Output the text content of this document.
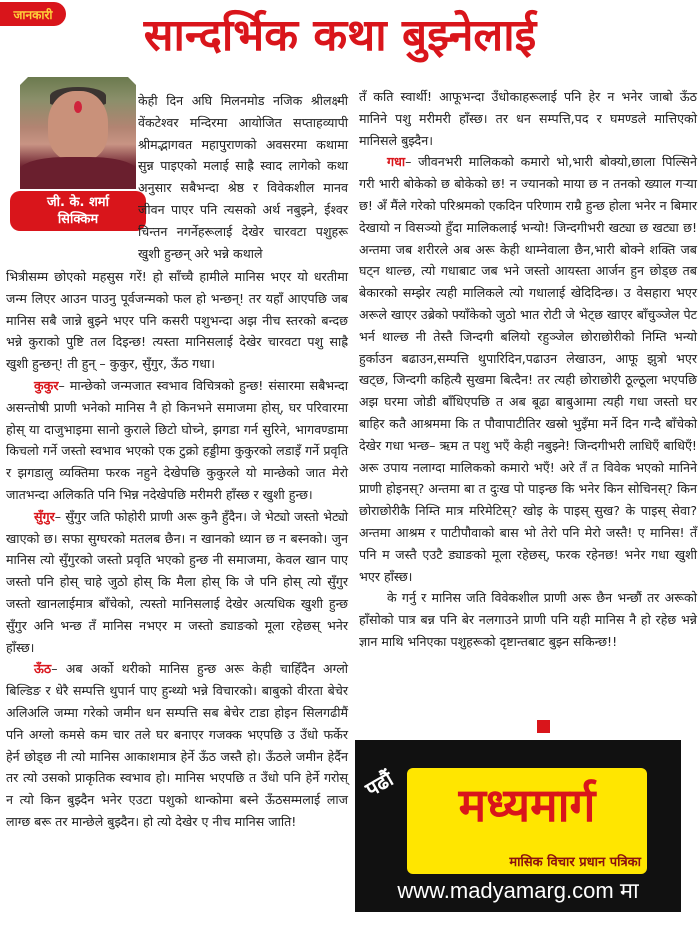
जानकारी	सान्दर्भिक कथा बुझ्नेलाई
जी. के. शर्मा
सिक्किम

केही दिन अघि मिलनमोड नजिक श्रीलक्ष्मी वेंकटेश्वर मन्दिरमा आयोजित सप्ताहव्यापी श्रीमद्भागवत महापुराणको अवसरमा कथामा सुन्न पाइएको मलाई साह्रै स्वाद लागेको कथा अनुसार सबैभन्दा श्रेष्ठ र विवेकशील मानव जीवन पाएर पनि त्यसको अर्थ नबुझ्ने, ईश्वर चिन्तन नगर्नेहरूलाई देखेर चारवटा पशुहरू खुशी हुन्छन् अरे भन्ने कथाले

भित्रीसम्म छोएको महसुस गरें! हो साँच्चै हामीले मानिस भएर यो धरतीमा जन्म लिएर आउन पाउनु पूर्वजन्मको फल हो भन्छन्! तर यहाँ आएपछि जब मानिस सबै जान्ने बुझ्ने भएर पनि कसरी पशुभन्दा अझ नीच स्तरको बन्दछ भन्ने कुराको पुष्टि तल दिइन्छ! त्यस्ता मानिसलाई देखेर चारवटा पशु साह्रै खुशी हुन्छन्! ती हुन् – कुकुर, सुँगुर, ऊँठ गधा।

कुकुर– मान्छेको जन्मजात स्वभाव विचित्रको हुन्छ! संसारमा सबैभन्दा असन्तोषी प्राणी भनेको मानिस नै हो किनभने समाजमा होस्, घर परिवारमा होस् या दाजुभाइमा सानो कुराले छिटो घोच्ने, झगडा गर्न सुरिने, भागवण्डामा किचलो गर्ने जस्तो स्वभाव भएको एक टुक्रो हड्डीमा कुकुरको लडाइँ गर्ने प्रवृति र झगडालु व्यक्तिमा फरक नहुने देखेपछि कुकुरले यो मान्छेको जात मेरो जातभन्दा अलिकति पनि भिन्न नदेखेपछि मरीमरी हाँस्छ र खुशी हुन्छ।

सुँगुर– सुँगुर जति फोहोरी प्राणी अरू कुनै हुँदैन। जे भेट्यो जस्तो भेट्यो खाएको छ। सफा सुग्घरको मतलब छैन। न खानको ध्यान छ न बस्नको। जुन मानिस त्यो सुँगुरको जस्तो प्रवृति भएको हुन्छ नी समाजमा, केवल खान पाए जस्तो पनि होस् चाहे जुठो होस् कि मैला होस् कि जे पनि होस् त्यो सुँगुर जस्तो खानलाईमात्र बाँचेको, त्यस्तो मानिसलाई देखेर अत्यधिक खुशी हुन्छ सुँगुर अनि भन्छ तँ मानिस नभएर म जस्तो ड्याङको मूला रहेछस् भनेर हाँस्छ।

ऊँठ– अब अर्को थरीको मानिस हुन्छ अरू केही चाहिँदैन अग्लो बिल्डिङ र धेरै सम्पत्ति थुपार्न पाए हुन्थ्यो भन्ने विचारको। बाबुको वीरता बेचेर अलिअलि जम्मा गरेको जमीन धन सम्पत्ति सब बेचेर टाडा होइन सिलगढीमैं पनि अग्लो कमसे कम चार तले घर बनाएर गजक्क भएपछि उ उँधो फर्केर हेर्न छोड्छ नी त्यो मानिस आकाशमात्र हेर्ने ऊँठ जस्तै हो। ऊँठले जमीन हेर्दैन तर त्यो उसको प्राकृतिक स्वभाव हो। मानिस भएपछि त उँधो पनि हेर्ने गरोस् न त्यो किन बुझ्दैन भनेर एउटा पशुको थान्कोमा बस्ने ऊँठसम्मलाई लाज लाग्छ बरू तर मान्छेले बुझ्दैन। हो त्यो देखेर ए नीच मानिस जाति!

तँ कति स्वार्थी! आफूभन्दा उँधोकाहरूलाई पनि हेर न भनेर जाबो ऊँठ मानिने पशु मरीमरी हाँस्छ। तर धन सम्पत्ति,पद र घमण्डले मात्तिएको मानिसले बुझ्दैन।

गधा– जीवनभरी मालिकको कमारो भो,भारी बोक्यो,छाला पिल्सिने गरी भारी बोकेको छ बोकेको छ! न ज्यानको माया छ न तनको ख्याल गर्‍या छ! अँ मैंले गरेको परिश्रमको एकदिन परिणाम राम्रै हुन्छ होला भनेर न बिमार देखायो न विसञ्यो हुँदा मालिकलाई भन्यो! जिन्दगीभरी खट्या छ खट्या छ! अन्तमा जब शरीरले अब अरू केही थाम्नेवाला छैन,भारी बोक्ने शक्ति जब घट्न थाल्छ, त्यो गधाबाट जब भने जस्तो आयस्ता आर्जन हुन छोड्छ तब बेकारको सम्झेर त्यही मालिकले त्यो गधालाई खेदिदिन्छ। उ वेसहारा भएर अरूले खाएर उब्रेको फ्याँकेको जुठो भात रोटी जे भेट्छ खाएर बाँचुञ्जेल पेट भर्न थाल्छ नी तेस्तै जिन्दगी बलियो रहुञ्जेल छोराछोरीको निम्ति भन्यो हुर्काउन बढाउन,सम्पत्ति थुपारिदिन,पढाउन लेखाउन, आफू झुत्रो भएर खट्छ, जिन्दगी कहित्यै सुखमा बित्दैन! तर त्यही छोराछोरी ठूल्ठूला भएपछि अझ घरमा जोडी बाँधिएपछि त अब बूढा बाबुआमा त्यही गधा जस्तो घर बाहिर कतै आश्रममा कि त पौवापाटीतिर खस्रो भुइँमा मर्ने दिन गन्दै बाँचेको देखेर गधा भन्छ– ऋम त पशु भएँ केही नबुझ्ने! जिन्दगीभरी लाधिएँ बाधिएँ! अरू उपाय नलाग्दा मालिकको कमारो भएँ! अरे तँ त विवेक भएको मानिने प्राणी होइनस्? अन्तमा बा त दुःख पो पाइन्छ कि भनेर किन सोचिनस्? किन छोराछोरीकै निम्ति मात्र मरिमेटिस्? खोइ के पाइस् सुख? के पाइस् सेवा? अन्तमा आश्रम र पाटीपौवाको बास भो तेरो पनि मेरो जस्तै! ए मानिस! तँ पनि म जस्तै एउटै ड्याङको मूला रहेछस्, फरक रहेनछ! भनेर गधा खुशी भएर हाँस्छ।

के गर्नु र मानिस जति विवेकशील प्राणी अरू छैन भन्छौं तर अरूको हाँसोको पात्र बन्न पनि बेर नलगाउने प्राणी पनि यही मानिस नै हो रहेछ भन्ने ज्ञान माथि भनिएका पशुहरूको दृष्टान्तबाट बुझ्न सकिन्छ!!

पढौं	मध्यमार्ग
मासिक विचार प्रधान पत्रिका
www.madyamarg.com मा
